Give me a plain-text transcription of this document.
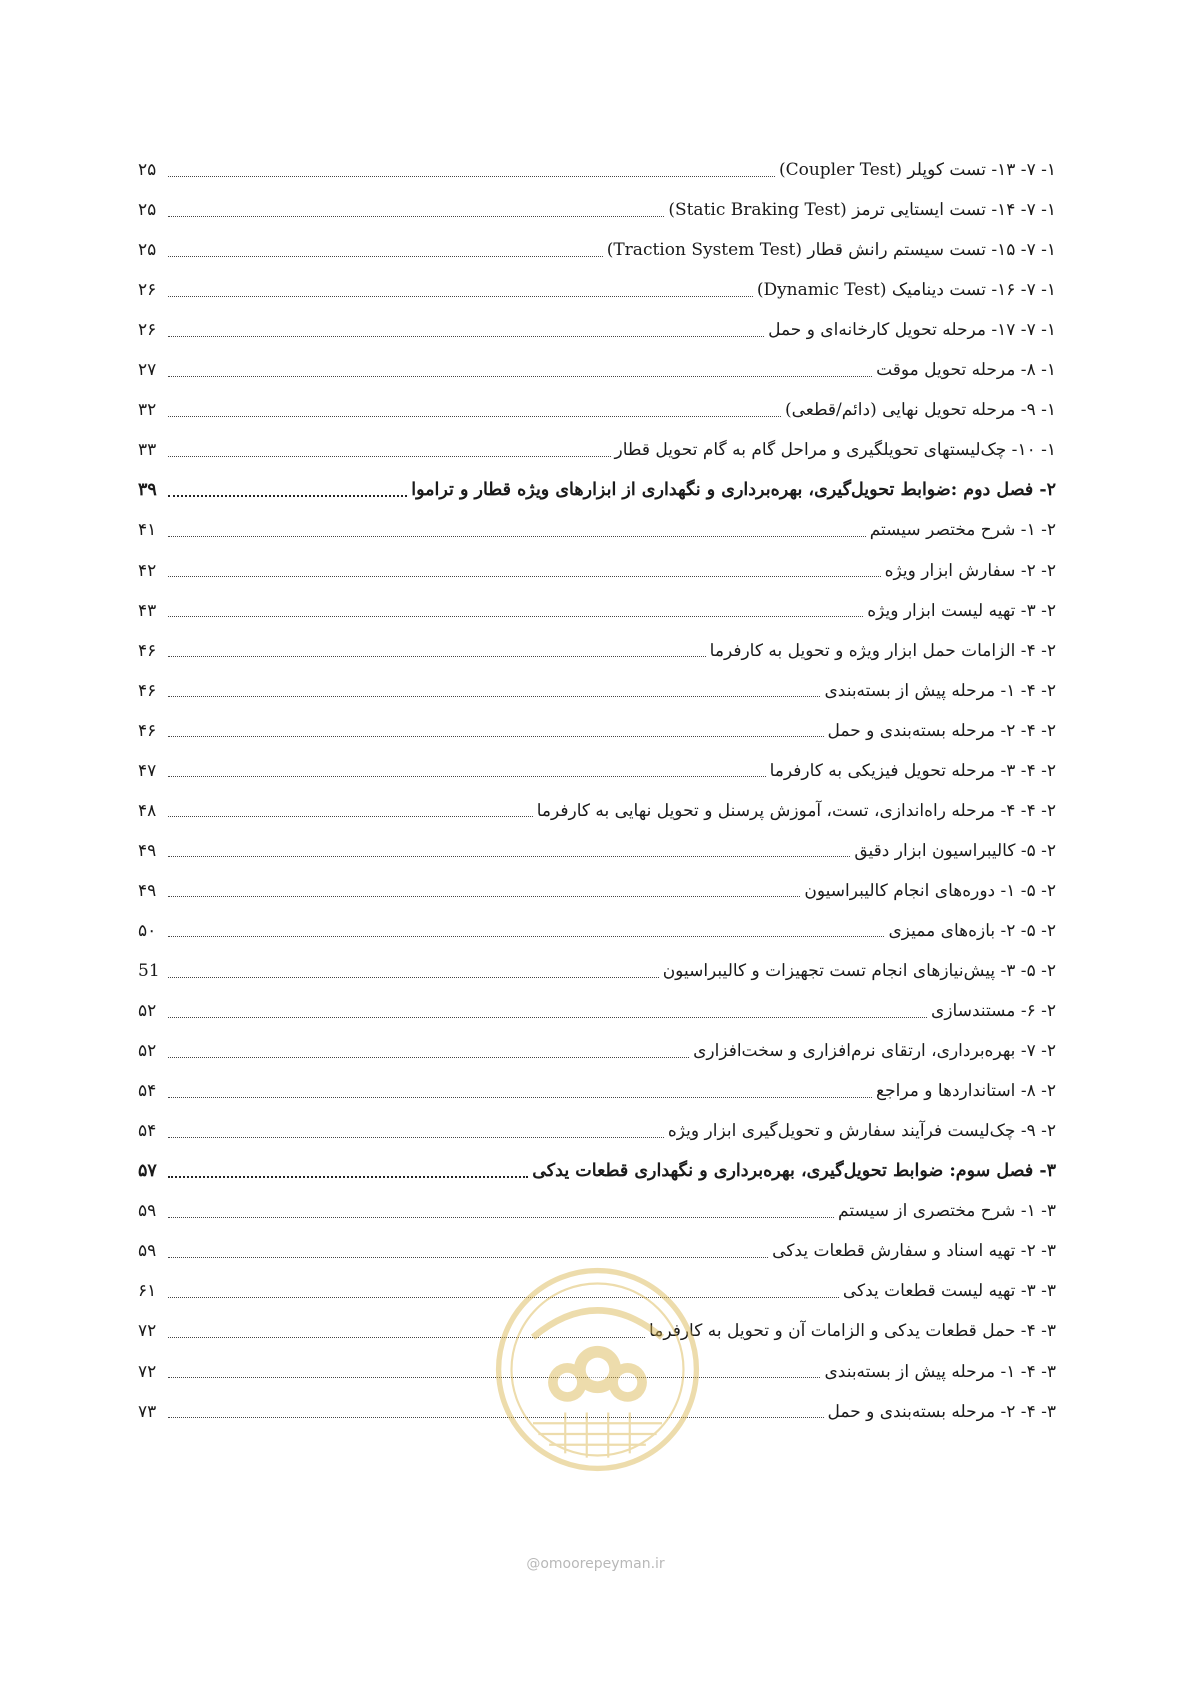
۱- ۷- ۱۳- تست کوپلر (Coupler Test)
۲۵
۱- ۷- ۱۴- تست ایستایی ترمز (Static Braking Test)
۲۵
۱- ۷- ۱۵- تست سیستم رانش قطار (Traction System Test)
۲۵
۱- ۷- ۱۶- تست دینامیک (Dynamic Test)
۲۶
۱- ۷- ۱۷- مرحله تحویل کارخانه‌ای و حمل
۲۶
۱- ۸- مرحله تحویل موقت
۲۷
۱- ۹- مرحله تحویل نهایی (دائم/قطعی)
۳۲
۱- ۱۰- چک‌لیستهای تحویلگیری و مراحل گام به گام تحویل قطار
۳۳
۲- فصل دوم :ضوابط تحویل‌گیری، بهره‌برداری و نگهداری از ابزارهای ویژه قطار و تراموا
۳۹
۲- ۱- شرح مختصر سیستم
۴۱
۲- ۲- سفارش ابزار ویژه
۴۲
۲- ۳- تهیه لیست ابزار ویژه
۴۳
۲- ۴- الزامات حمل ابزار ویژه و تحویل به کارفرما
۴۶
۲- ۴- ۱- مرحله پیش از بسته‌بندی
۴۶
۲- ۴- ۲- مرحله بسته‌بندی و حمل
۴۶
۲- ۴- ۳- مرحله تحویل فیزیکی به کارفرما
۴۷
۲- ۴- ۴- مرحله راه‌اندازی، تست، آموزش پرسنل و تحویل نهایی به کارفرما
۴۸
۲- ۵- کالیبراسیون ابزار دقیق
۴۹
۲- ۵- ۱- دوره‌های انجام کالیبراسیون
۴۹
۲- ۵- ۲- بازه‌های ممیزی
۵۰
۲- ۵- ۳- پیش‌نیازهای انجام تست تجهیزات و کالیبراسیون
51
۲- ۶- مستندسازی
۵۲
۲- ۷- بهره‌برداری، ارتقای نرم‌افزاری و سخت‌افزاری
۵۲
۲- ۸- استانداردها و مراجع
۵۴
۲- ۹- چک‌لیست فرآیند سفارش و تحویل‌گیری ابزار ویژه
۵۴
۳- فصل سوم: ضوابط تحویل‌گیری، بهره‌برداری و نگهداری قطعات یدکی
۵۷
۳- ۱- شرح مختصری از سیستم
۵۹
۳- ۲- تهیه اسناد و سفارش قطعات یدکی
۵۹
۳- ۳- تهیه لیست قطعات یدکی
۶۱
۳- ۴- حمل قطعات یدکی و الزامات آن و تحویل به کارفرما
۷۲
۳- ۴- ۱- مرحله پیش از بسته‌بندی
۷۲
۳- ۴- ۲- مرحله بسته‌بندی و حمل
۷۳
@omoorepeyman.ir
